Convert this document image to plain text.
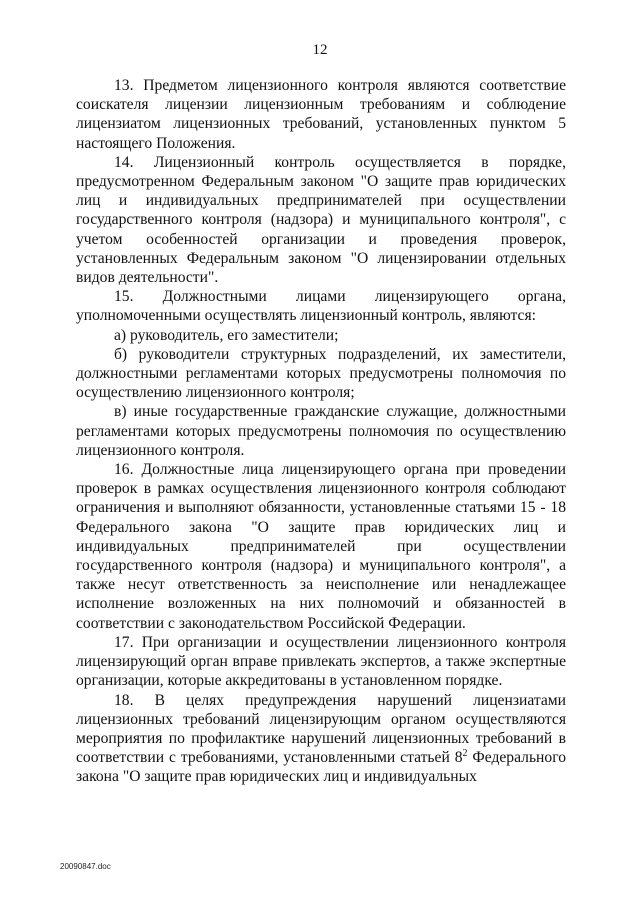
12

13. Предметом лицензионного контроля являются соответствие соискателя лицензии лицензионным требованиям и соблюдение лицензиатом лицензионных требований, установленных пунктом 5 настоящего Положения.

14. Лицензионный контроль осуществляется в порядке, предусмотренном Федеральным законом "О защите прав юридических лиц и индивидуальных предпринимателей при осуществлении государственного контроля (надзора) и муниципального контроля", с учетом особенностей организации и проведения проверок, установленных Федеральным законом "О лицензировании отдельных видов деятельности".

15. Должностными лицами лицензирующего органа, уполномоченными осуществлять лицензионный контроль, являются:

а) руководитель, его заместители;

б) руководители структурных подразделений, их заместители, должностными регламентами которых предусмотрены полномочия по осуществлению лицензионного контроля;

в) иные государственные гражданские служащие, должностными регламентами которых предусмотрены полномочия по осуществлению лицензионного контроля.

16. Должностные лица лицензирующего органа при проведении проверок в рамках осуществления лицензионного контроля соблюдают ограничения и выполняют обязанности, установленные статьями 15 - 18 Федерального закона "О защите прав юридических лиц и индивидуальных предпринимателей при осуществлении государственного контроля (надзора) и муниципального контроля", а также несут ответственность за неисполнение или ненадлежащее исполнение возложенных на них полномочий и обязанностей в соответствии с законодательством Российской Федерации.

17. При организации и осуществлении лицензионного контроля лицензирующий орган вправе привлекать экспертов, а также экспертные организации, которые аккредитованы в установленном порядке.

18. В целях предупреждения нарушений лицензиатами лицензионных требований лицензирующим органом осуществляются мероприятия по профилактике нарушений лицензионных требований в соответствии с требованиями, установленными статьей $8^2$ Федерального закона "О защите прав юридических лиц и индивидуальных

20090847.doc
